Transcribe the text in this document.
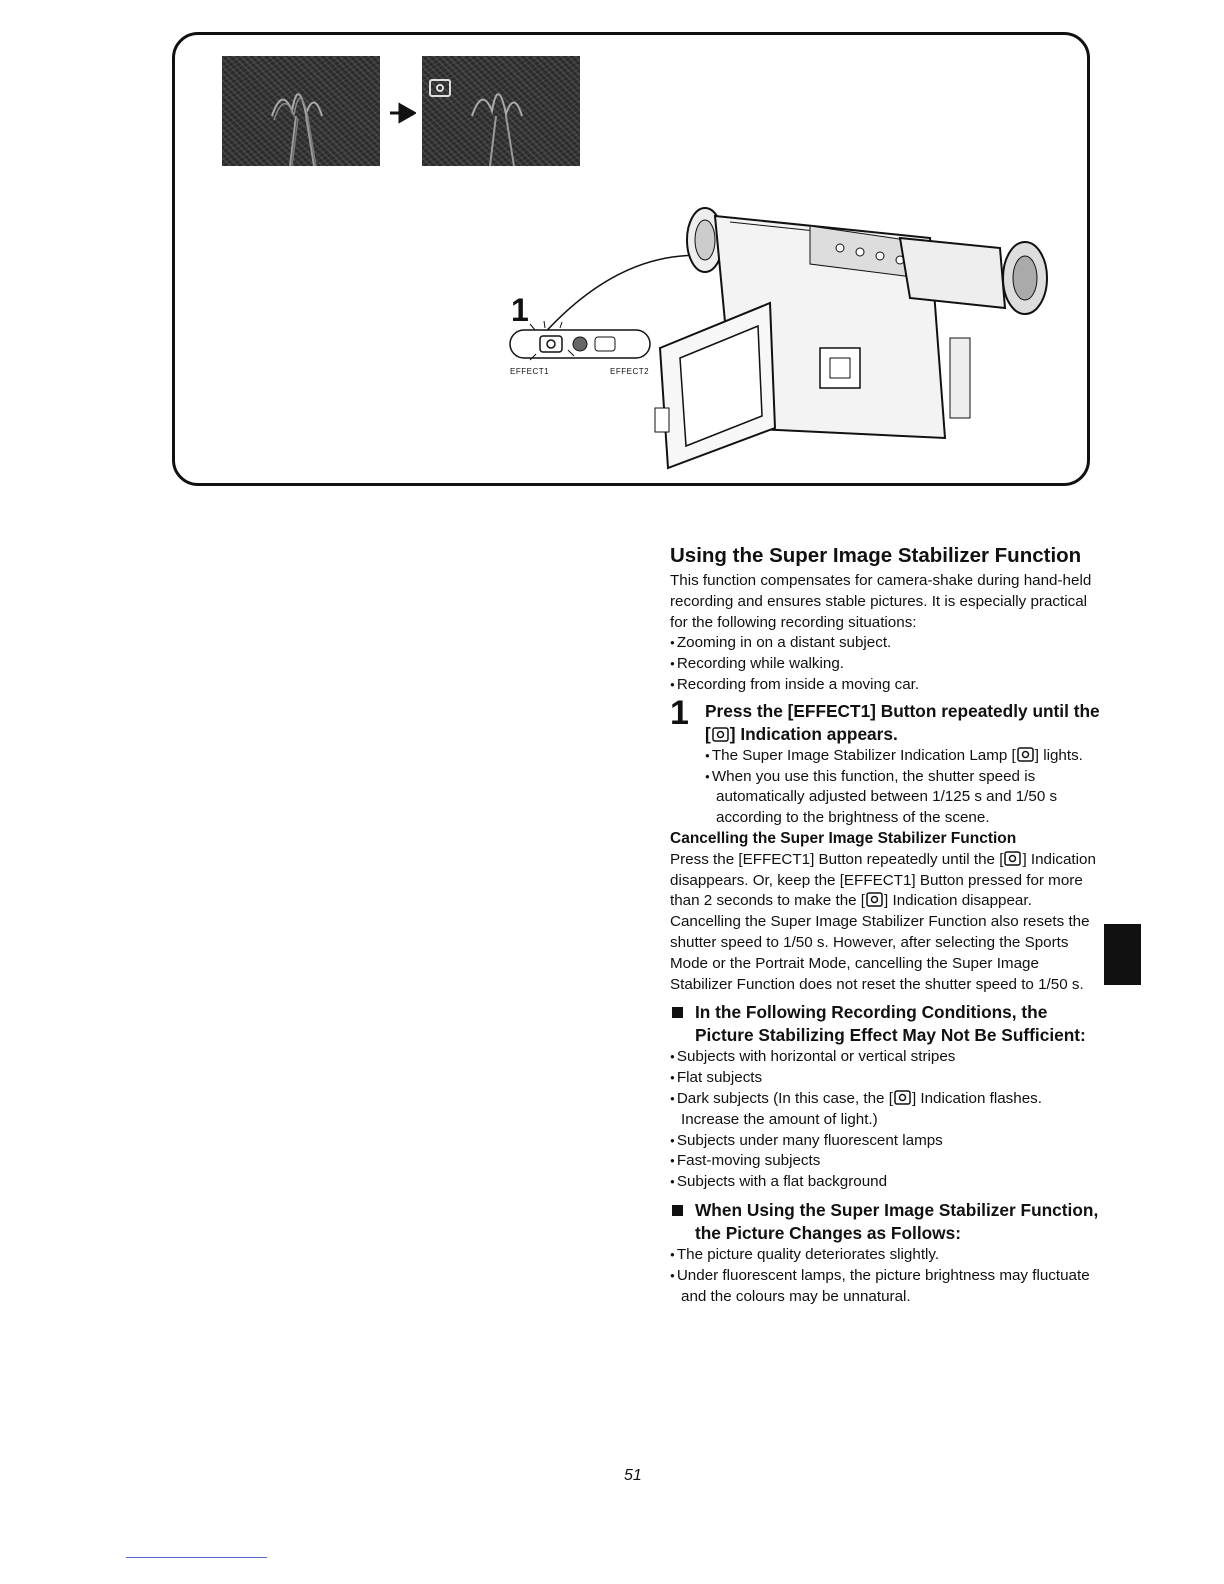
1
EFFECT1	EFFECT2
Using the Super Image Stabilizer Function

This function compensates for camera-shake during hand-held recording and ensures stable pictures. It is especially practical for the following recording situations:

● Zooming in on a distant subject.

● Recording while walking.

● Recording from inside a moving car.

1 Press the [EFFECT1] Button repeatedly until the [ ] Indication appears.

● The Super Image Stabilizer Indication Lamp [ ] lights.

● When you use this function, the shutter speed is automatically adjusted between 1/125 s and 1/50 s according to the brightness of the scene.

Cancelling the Super Image Stabilizer Function

Press the [EFFECT1] Button repeatedly until the [ ] Indication disappears. Or, keep the [EFFECT1] Button pressed for more than 2 seconds to make the [ ] Indication disappear.

Cancelling the Super Image Stabilizer Function also resets the shutter speed to 1/50 s. However, after selecting the Sports Mode or the Portrait Mode, cancelling the Super Image Stabilizer Function does not reset the shutter speed to 1/50 s.

In the Following Recording Conditions, the Picture Stabilizing Effect May Not Be Sufficient:

● Subjects with horizontal or vertical stripes

● Flat subjects

● Dark subjects (In this case, the [ ] Indication flashes. Increase the amount of light.)

● Subjects under many fluorescent lamps

● Fast-moving subjects

● Subjects with a flat background

When Using the Super Image Stabilizer Function, the Picture Changes as Follows:

● The picture quality deteriorates slightly.

● Under fluorescent lamps, the picture brightness may fluctuate and the colours may be unnatural.

51
